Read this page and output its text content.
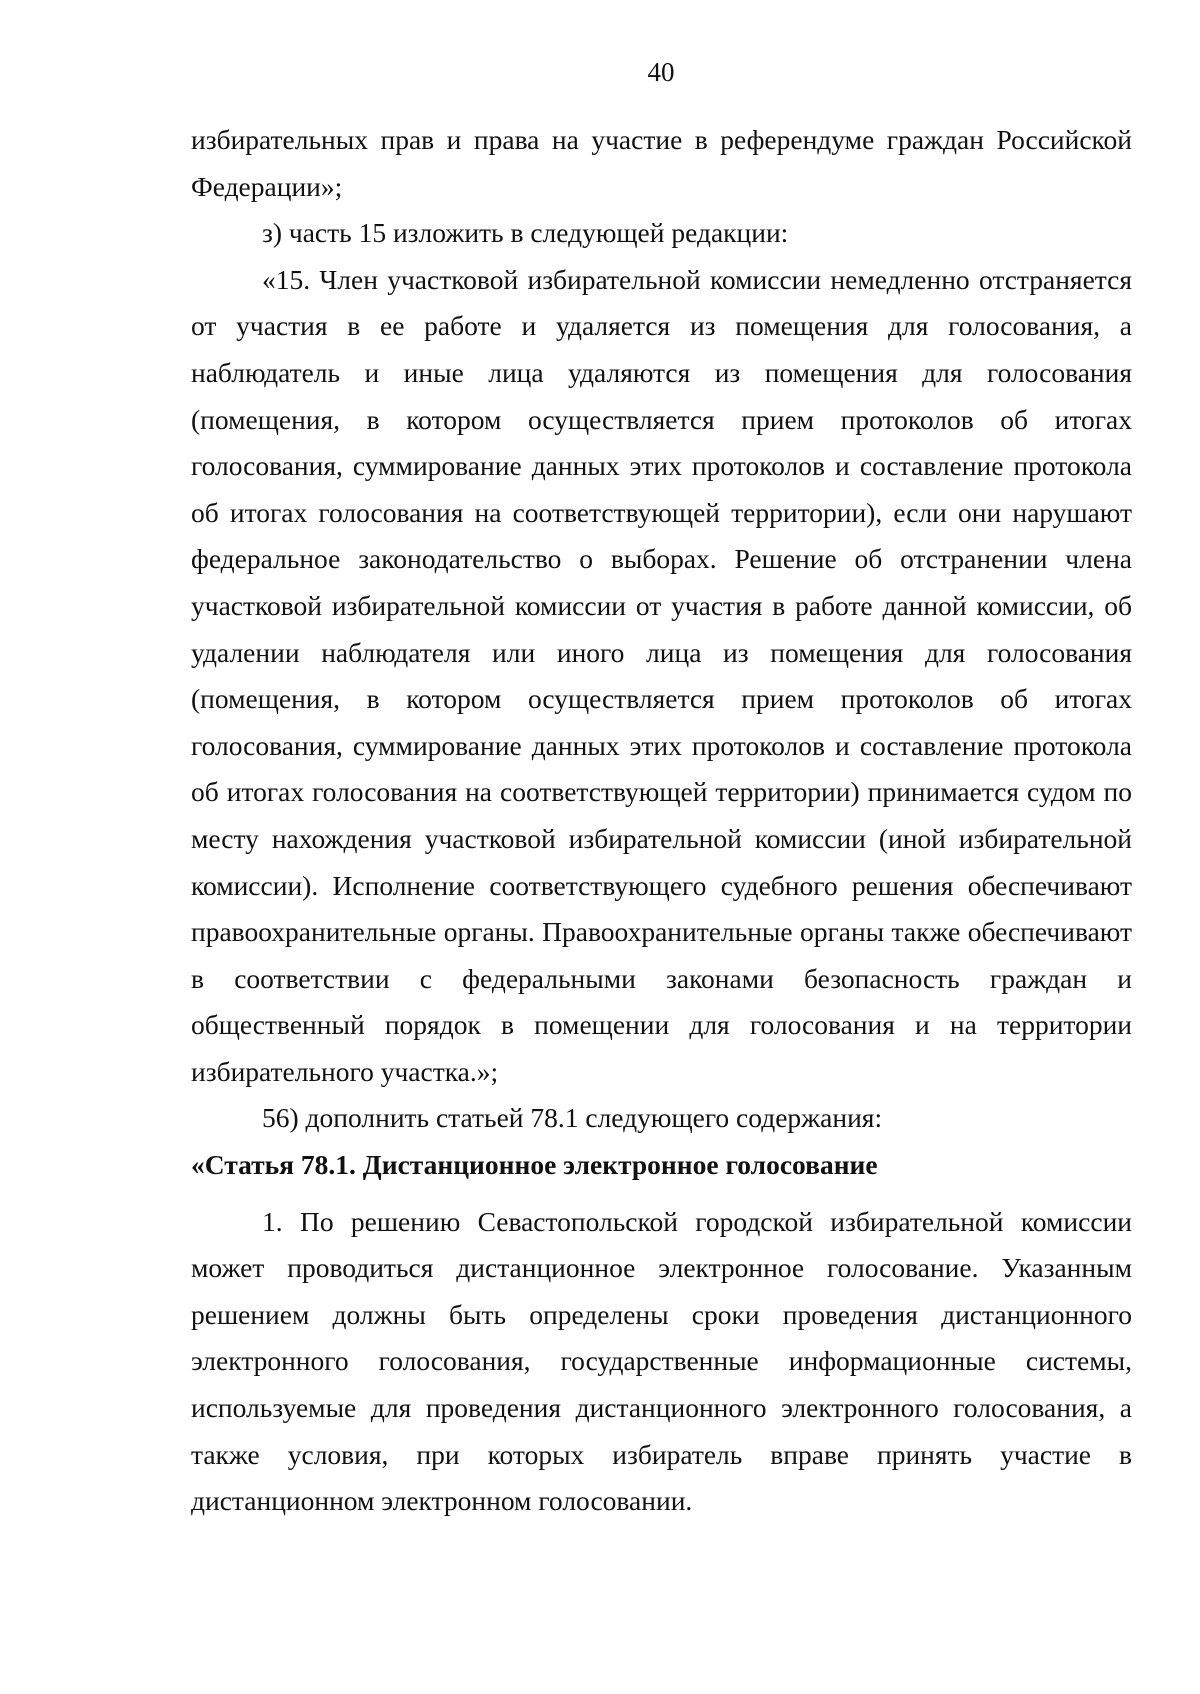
40

избирательных прав и права на участие в референдуме граждан Российской Федерации»;

з) часть 15 изложить в следующей редакции:

«15. Член участковой избирательной комиссии немедленно отстраняется от участия в ее работе и удаляется из помещения для голосования, а наблюдатель и иные лица удаляются из помещения для голосования (помещения, в котором осуществляется прием протоколов об итогах голосования, суммирование данных этих протоколов и составление протокола об итогах голосования на соответствующей территории), если они нарушают федеральное законодательство о выборах. Решение об отстранении члена участковой избирательной комиссии от участия в работе данной комиссии, об удалении наблюдателя или иного лица из помещения для голосования (помещения, в котором осуществляется прием протоколов об итогах голосования, суммирование данных этих протоколов и составление протокола об итогах голосования на соответствующей территории) принимается судом по месту нахождения участковой избирательной комиссии (иной избирательной комиссии). Исполнение соответствующего судебного решения обеспечивают правоохранительные органы. Правоохранительные органы также обеспечивают в соответствии с федеральными законами безопасность граждан и общественный порядок в помещении для голосования и на территории избирательного участка.»;

56) дополнить статьей 78.1 следующего содержания:

«Статья 78.1. Дистанционное электронное голосование

1. По решению Севастопольской городской избирательной комиссии может проводиться дистанционное электронное голосование. Указанным решением должны быть определены сроки проведения дистанционного электронного голосования, государственные информационные системы, используемые для проведения дистанционного электронного голосования, а также условия, при которых избиратель вправе принять участие в дистанционном электронном голосовании.
